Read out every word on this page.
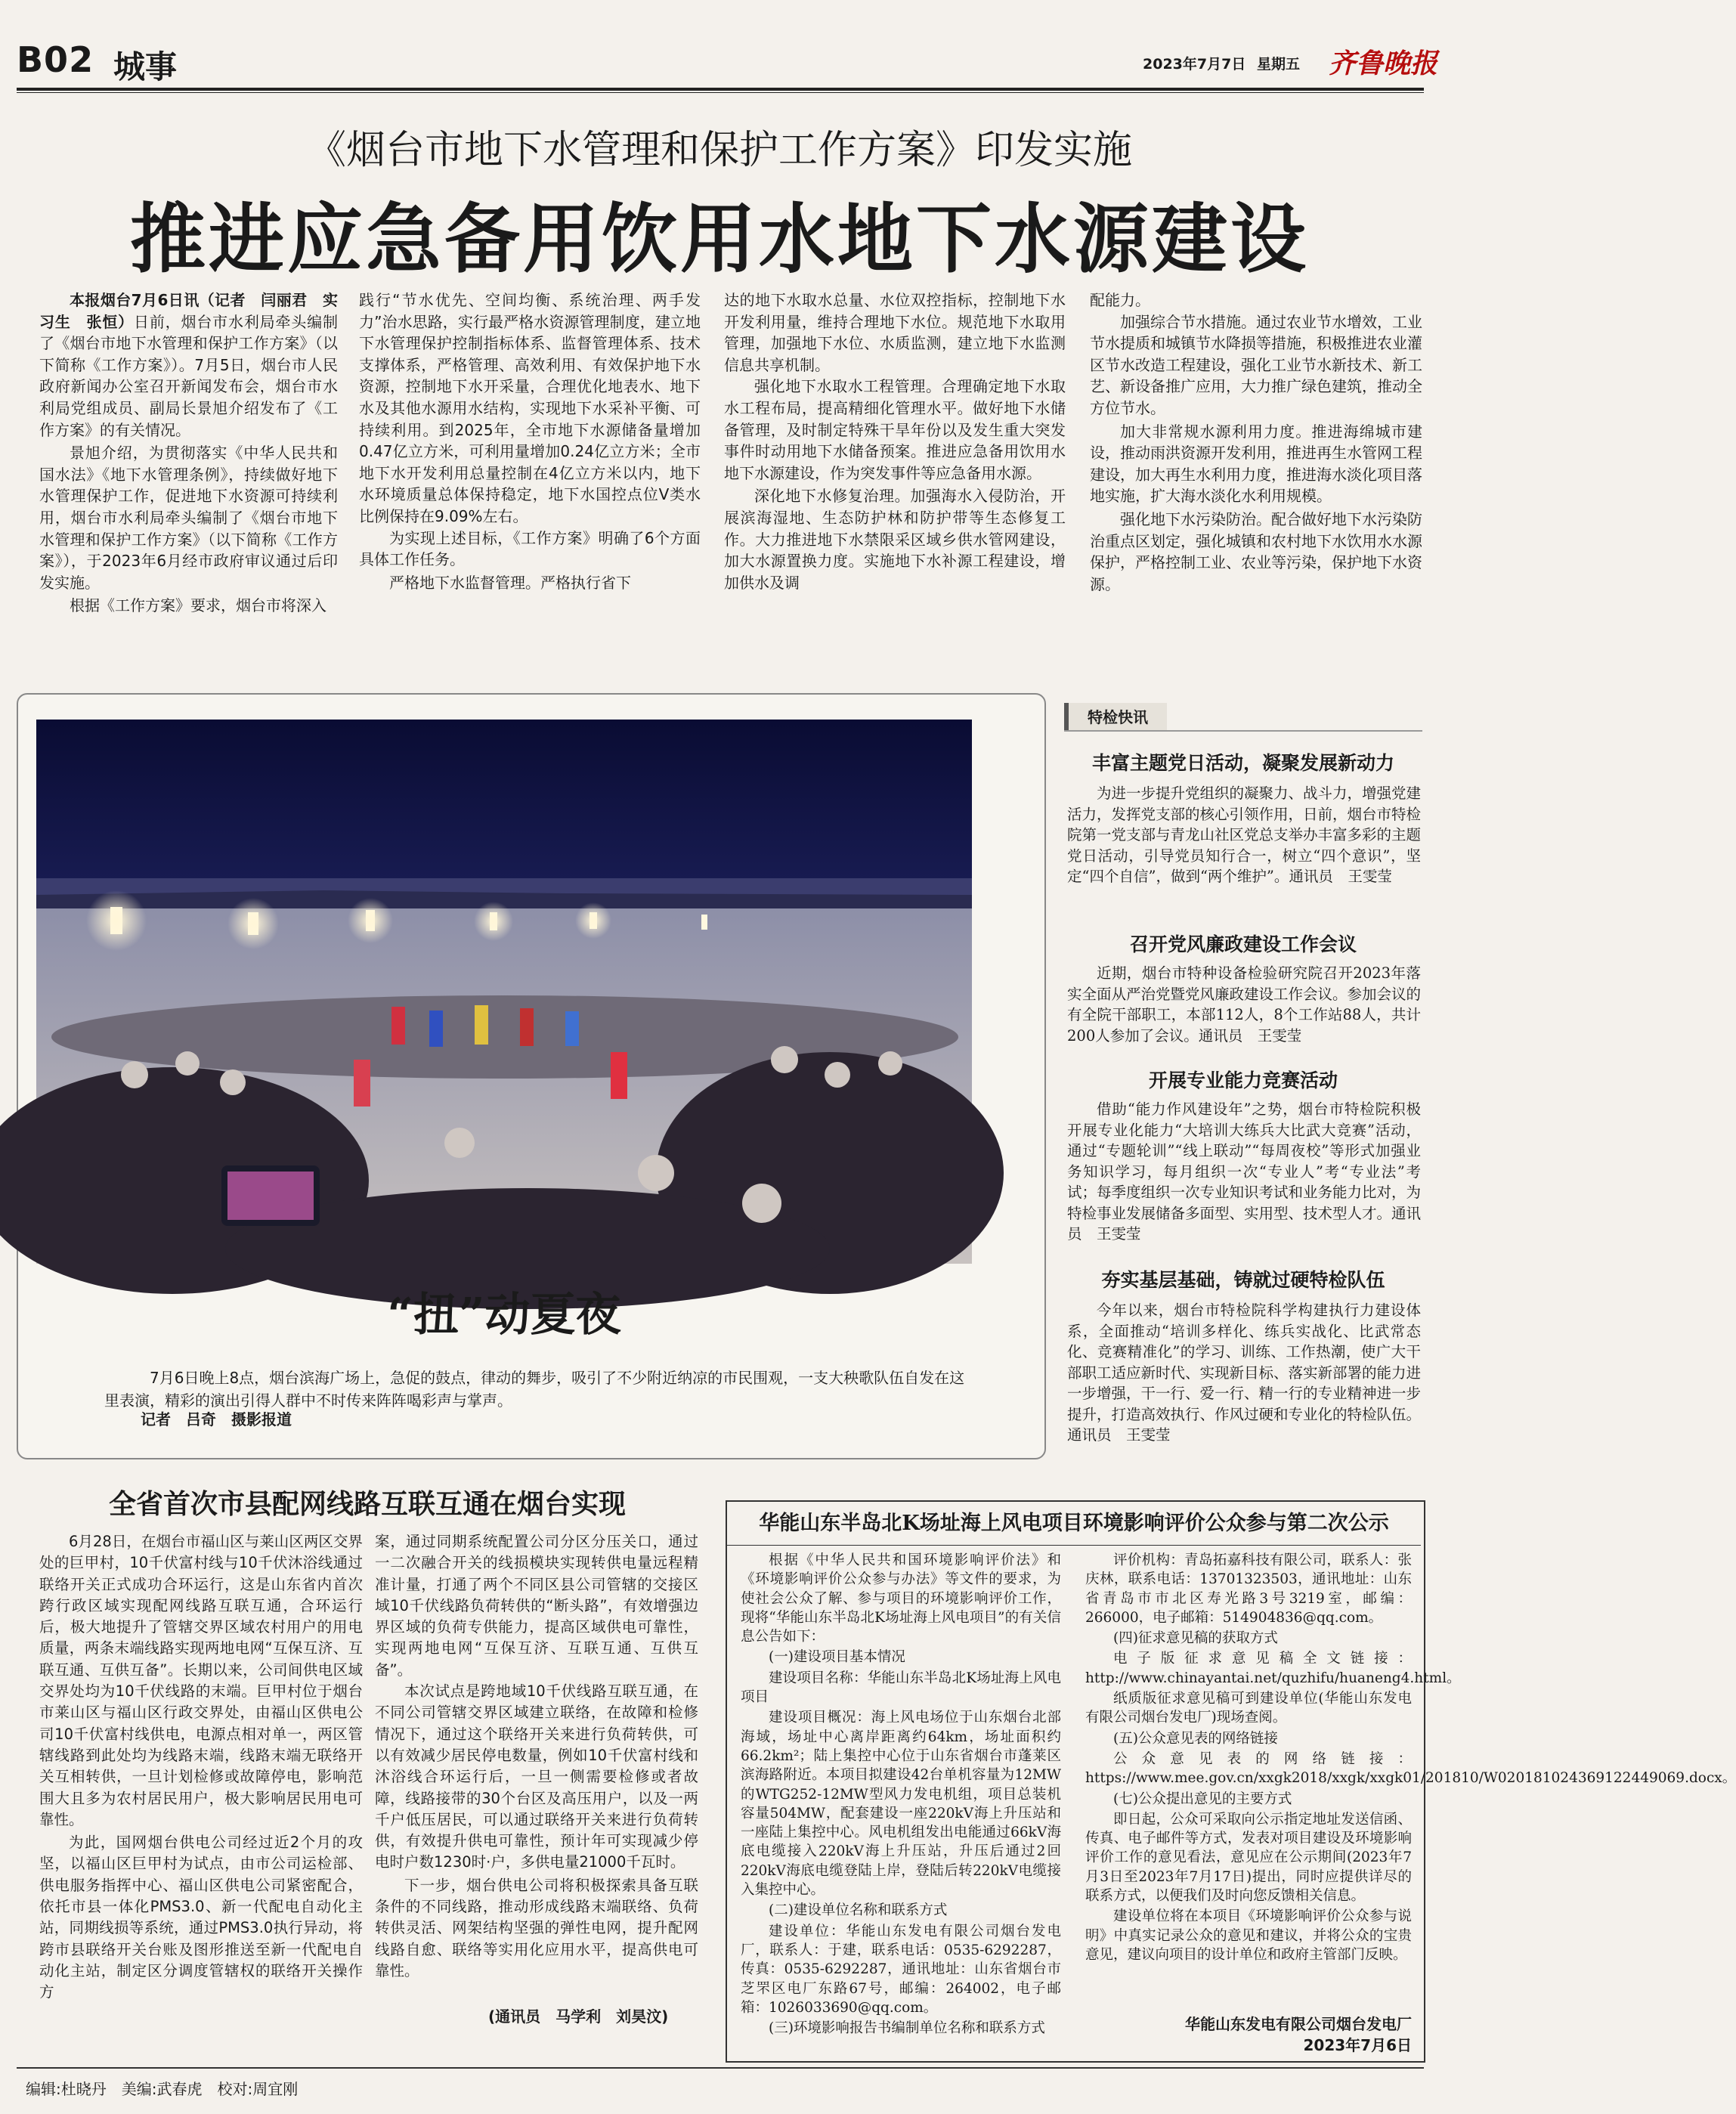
B02 城事	2023年7月7日 星期五 齐鲁晚报
《烟台市地下水管理和保护工作方案》印发实施
推进应急备用饮用水地下水源建设

本报烟台7月6日讯（记者　闫丽君　实习生　张恒）日前，烟台市水利局牵头编制了《烟台市地下水管理和保护工作方案》（以下简称《工作方案》）。7月5日，烟台市人民政府新闻办公室召开新闻发布会，烟台市水利局党组成员、副局长景旭介绍发布了《工作方案》的有关情况。

景旭介绍，为贯彻落实《中华人民共和国水法》《地下水管理条例》，持续做好地下水管理保护工作，促进地下水资源可持续利用，烟台市水利局牵头编制了《烟台市地下水管理和保护工作方案》（以下简称《工作方案》），于2023年6月经市政府审议通过后印发实施。

根据《工作方案》要求，烟台市将深入

践行“节水优先、空间均衡、系统治理、两手发力”治水思路，实行最严格水资源管理制度，建立地下水管理保护控制指标体系、监督管理体系、技术支撑体系，严格管理、高效利用、有效保护地下水资源，控制地下水开采量，合理优化地表水、地下水及其他水源用水结构，实现地下水采补平衡、可持续利用。到2025年，全市地下水源储备量增加0.47亿立方米，可利用量增加0.24亿立方米；全市地下水开发利用总量控制在4亿立方米以内，地下水环境质量总体保持稳定，地下水国控点位Ⅴ类水比例保持在9.09%左右。

为实现上述目标，《工作方案》明确了6个方面具体工作任务。

严格地下水监督管理。严格执行省下

达的地下水取水总量、水位双控指标，控制地下水开发利用量，维持合理地下水位。规范地下水取用管理，加强地下水位、水质监测，建立地下水监测信息共享机制。

强化地下水取水工程管理。合理确定地下水取水工程布局，提高精细化管理水平。做好地下水储备管理，及时制定特殊干旱年份以及发生重大突发事件时动用地下水储备预案。推进应急备用饮用水地下水源建设，作为突发事件等应急备用水源。

深化地下水修复治理。加强海水入侵防治，开展滨海湿地、生态防护林和防护带等生态修复工作。大力推进地下水禁限采区域乡供水管网建设，加大水源置换力度。实施地下水补源工程建设，增加供水及调

配能力。

加强综合节水措施。通过农业节水增效，工业节水提质和城镇节水降损等措施，积极推进农业灌区节水改造工程建设，强化工业节水新技术、新工艺、新设备推广应用，大力推广绿色建筑，推动全方位节水。

加大非常规水源利用力度。推进海绵城市建设，推动雨洪资源开发利用，推进再生水管网工程建设，加大再生水利用力度，推进海水淡化项目落地实施，扩大海水淡化水利用规模。

强化地下水污染防治。配合做好地下水污染防治重点区划定，强化城镇和农村地下水饮用水水源保护，严格控制工业、农业等污染，保护地下水资源。

“扭”动夏夜
7月6日晚上8点，烟台滨海广场上，急促的鼓点，律动的舞步，吸引了不少附近纳凉的市民围观，一支大秧歌队伍自发在这里表演，精彩的演出引得人群中不时传来阵阵喝彩声与掌声。
记者　吕奇　摄影报道
特检快讯
丰富主题党日活动，凝聚发展新动力

为进一步提升党组织的凝聚力、战斗力，增强党建活力，发挥党支部的核心引领作用，日前，烟台市特检院第一党支部与青龙山社区党总支举办丰富多彩的主题党日活动，引导党员知行合一，树立“四个意识”，坚定“四个自信”，做到“两个维护”。通讯员　王雯莹

召开党风廉政建设工作会议

近期，烟台市特种设备检验研究院召开2023年落实全面从严治党暨党风廉政建设工作会议。参加会议的有全院干部职工，本部112人，8个工作站88人，共计200人参加了会议。通讯员　王雯莹

开展专业能力竞赛活动

借助“能力作风建设年”之势，烟台市特检院积极开展专业化能力“大培训大练兵大比武大竞赛”活动，通过“专题轮训”“线上联动”“每周夜校”等形式加强业务知识学习，每月组织一次“专业人”考“专业法”考试；每季度组织一次专业知识考试和业务能力比对，为特检事业发展储备多面型、实用型、技术型人才。通讯员　王雯莹

夯实基层基础，铸就过硬特检队伍

今年以来，烟台市特检院科学构建执行力建设体系，全面推动“培训多样化、练兵实战化、比武常态化、竞赛精准化”的学习、训练、工作热潮，使广大干部职工适应新时代、实现新目标、落实新部署的能力进一步增强，干一行、爱一行、精一行的专业精神进一步提升，打造高效执行、作风过硬和专业化的特检队伍。通讯员　王雯莹

全省首次市县配网线路互联互通在烟台实现

6月28日，在烟台市福山区与莱山区两区交界处的巨甲村，10千伏富村线与10千伏沐浴线通过联络开关正式成功合环运行，这是山东省内首次跨行政区域实现配网线路互联互通，合环运行后，极大地提升了管辖交界区域农村用户的用电质量，两条末端线路实现两地电网“互保互济、互联互通、互供互备”。长期以来，公司间供电区域交界处均为10千伏线路的末端。巨甲村位于烟台市莱山区与福山区行政交界处，由福山区供电公司10千伏富村线供电，电源点相对单一，两区管辖线路到此处均为线路末端，线路末端无联络开关互相转供，一旦计划检修或故障停电，影响范围大且多为农村居民用户，极大影响居民用电可靠性。

为此，国网烟台供电公司经过近2个月的攻坚，以福山区巨甲村为试点，由市公司运检部、供电服务指挥中心、福山区供电公司紧密配合，依托市县一体化PMS3.0、新一代配电自动化主站，同期线损等系统，通过PMS3.0执行异动，将跨市县联络开关台账及图形推送至新一代配电自动化主站，制定区分调度管辖权的联络开关操作方

案，通过同期系统配置公司分区分压关口，通过一二次融合开关的线损模块实现转供电量远程精准计量，打通了两个不同区县公司管辖的交接区域10千伏线路负荷转供的“断头路”，有效增强边界区域的负荷专供能力，提高区域供电可靠性，实现两地电网“互保互济、互联互通、互供互备”。

本次试点是跨地域10千伏线路互联互通，在不同公司管辖交界区域建立联络，在故障和检修情况下，通过这个联络开关来进行负荷转供，可以有效减少居民停电数量，例如10千伏富村线和沐浴线合环运行后，一旦一侧需要检修或者故障，线路接带的30个台区及高压用户，以及一两千户低压居民，可以通过联络开关来进行负荷转供，有效提升供电可靠性，预计年可实现减少停电时户数1230时·户，多供电量21000千瓦时。

下一步，烟台供电公司将积极探索具备互联条件的不同线路，推动形成线路末端联络、负荷转供灵活、网架结构坚强的弹性电网，提升配网线路自愈、联络等实用化应用水平，提高供电可靠性。

(通讯员　马学利　刘昊汶)
华能山东半岛北K场址海上风电项目环境影响评价公众参与第二次公示

根据《中华人民共和国环境影响评价法》和《环境影响评价公众参与办法》等文件的要求，为使社会公众了解、参与项目的环境影响评价工作，现将“华能山东半岛北K场址海上风电项目”的有关信息公告如下：

(一)建设项目基本情况

建设项目名称：华能山东半岛北K场址海上风电项目

建设项目概况：海上风电场位于山东烟台北部海域，场址中心离岸距离约64km，场址面积约66.2km²；陆上集控中心位于山东省烟台市蓬莱区滨海路附近。本项目拟建设42台单机容量为12MW的WTG252-12MW型风力发电机组，项目总装机容量504MW，配套建设一座220kV海上升压站和一座陆上集控中心。风电机组发出电能通过66kV海底电缆接入220kV海上升压站，升压后通过2回220kV海底电缆登陆上岸，登陆后转220kV电缆接入集控中心。

(二)建设单位名称和联系方式

建设单位：华能山东发电有限公司烟台发电厂，联系人：于建，联系电话：0535-6292287，传真：0535-6292287，通讯地址：山东省烟台市芝罘区电厂东路67号，邮编：264002，电子邮箱：1026033690@qq.com。

(三)环境影响报告书编制单位名称和联系方式

评价机构：青岛拓嘉科技有限公司，联系人：张庆林，联系电话：13701323503，通讯地址：山东省青岛市市北区寿光路3号3219室，邮编：266000，电子邮箱：514904836@qq.com。

(四)征求意见稿的获取方式

电子版征求意见稿全文链接：http://www.chinayantai.net/quzhifu/huaneng4.html。

纸质版征求意见稿可到建设单位(华能山东发电有限公司烟台发电厂)现场查阅。

(五)公众意见表的网络链接

公众意见表的网络链接：https://www.mee.gov.cn/xxgk2018/xxgk/xxgk01/201810/W020181024369122449069.docx。

(七)公众提出意见的主要方式

即日起，公众可采取向公示指定地址发送信函、传真、电子邮件等方式，发表对项目建设及环境影响评价工作的意见看法，意见应在公示期间(2023年7月3日至2023年7月17日)提出，同时应提供详尽的联系方式，以便我们及时向您反馈相关信息。

建设单位将在本项目《环境影响评价公众参与说明》中真实记录公众的意见和建议，并将公众的宝贵意见，建议向项目的设计单位和政府主管部门反映。

华能山东发电有限公司烟台发电厂
2023年7月6日
编辑:杜晓丹　美编:武春虎　校对:周宜刚
